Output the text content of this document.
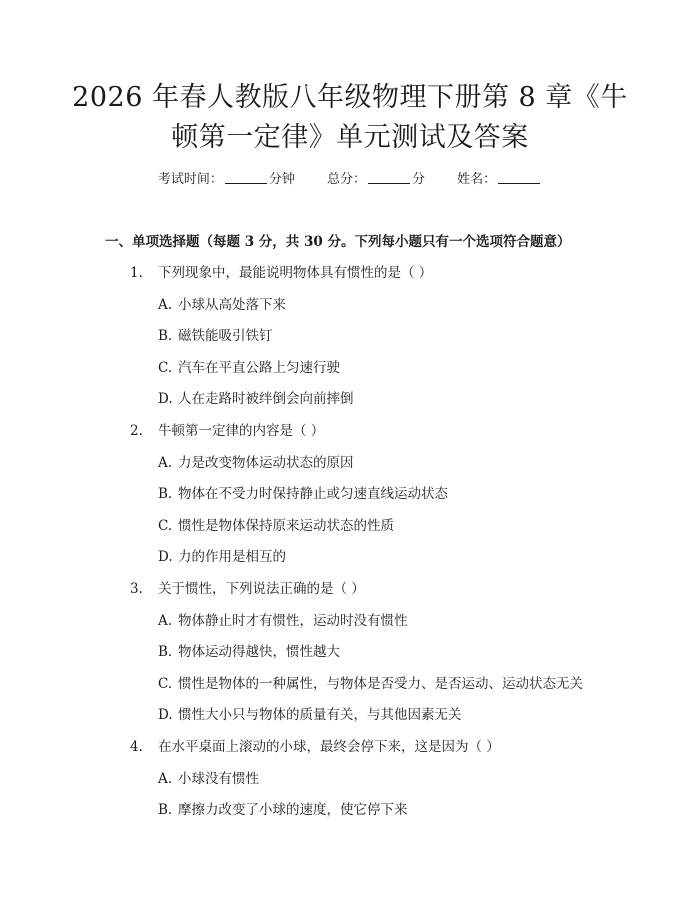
2026 年春人教版八年级物理下册第 8 章《牛顿第一定律》单元测试及答案
考试时间：	分钟 总分：	分 姓名：
一、单项选择题（每题 3 分，共 30 分。下列每小题只有一个选项符合题意）
1. 下列现象中，最能说明物体具有惯性的是（ ）
A. 小球从高处落下来
B. 磁铁能吸引铁钉
C. 汽车在平直公路上匀速行驶
D. 人在走路时被绊倒会向前摔倒
2. 牛顿第一定律的内容是（ ）
A. 力是改变物体运动状态的原因
B. 物体在不受力时保持静止或匀速直线运动状态
C. 惯性是物体保持原来运动状态的性质
D. 力的作用是相互的
3. 关于惯性，下列说法正确的是（ ）
A. 物体静止时才有惯性，运动时没有惯性
B. 物体运动得越快，惯性越大
C. 惯性是物体的一种属性，与物体是否受力、是否运动、运动状态无关
D. 惯性大小只与物体的质量有关，与其他因素无关
4. 在水平桌面上滚动的小球，最终会停下来，这是因为（ ）
A. 小球没有惯性
B. 摩擦力改变了小球的速度，使它停下来
